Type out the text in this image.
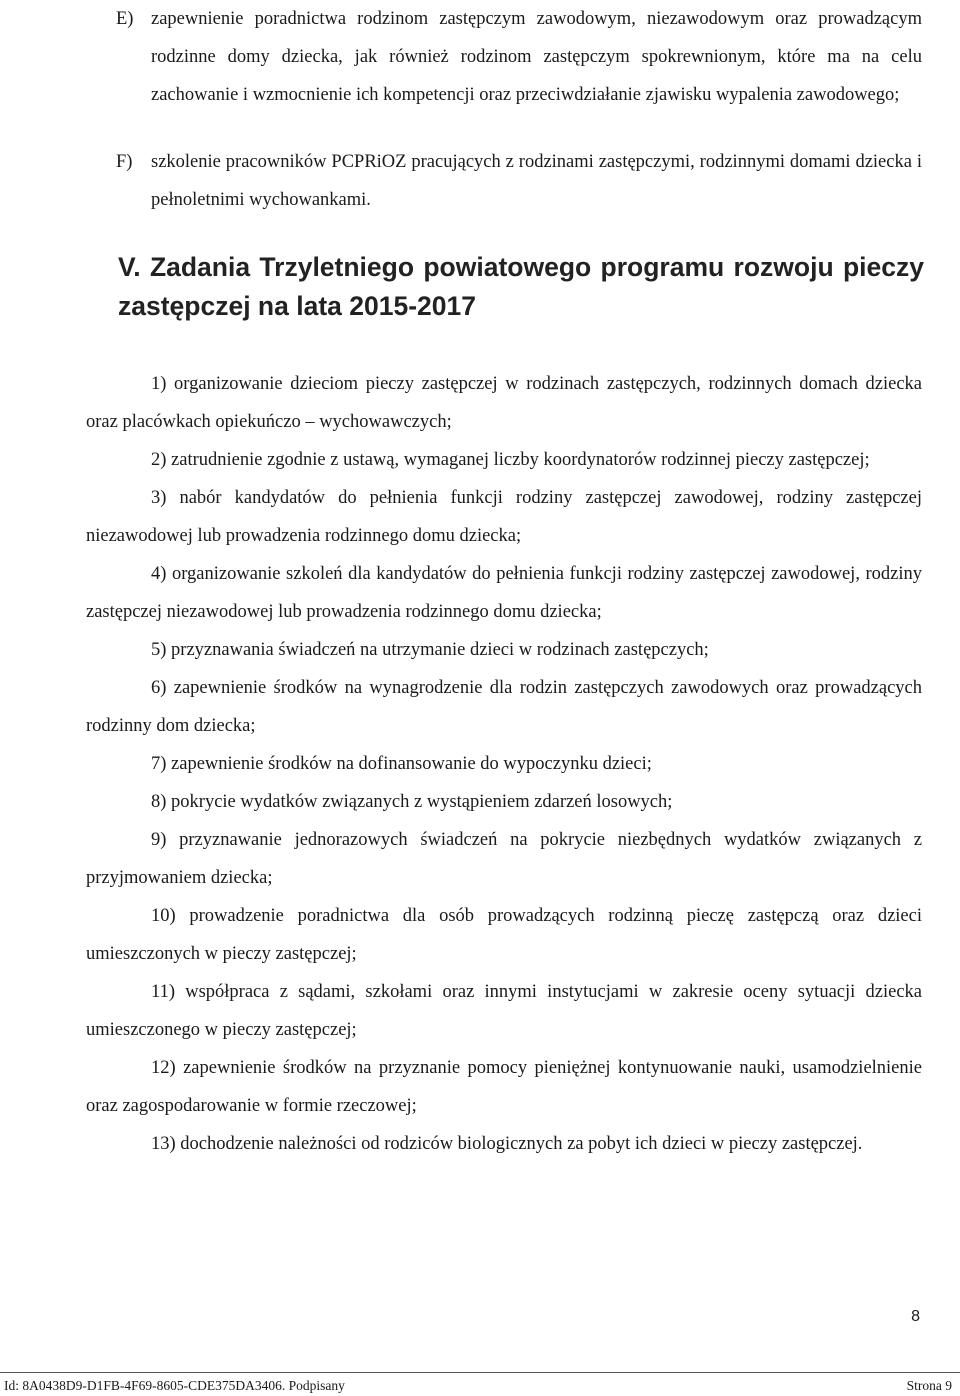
E) zapewnienie poradnictwa rodzinom zastępczym zawodowym, niezawodowym oraz prowadzącym rodzinne domy dziecka, jak również rodzinom zastępczym spokrewnionym, które ma na celu zachowanie i wzmocnienie ich kompetencji oraz przeciwdziałanie zjawisku wypalenia zawodowego;
F)	szkolenie pracowników PCPRiOZ pracujących z rodzinami zastępczymi, rodzinnymi domami dziecka i pełnoletnimi wychowankami.
V. Zadania Trzyletniego powiatowego programu rozwoju pieczy zastępczej na lata 2015-2017

1) organizowanie dzieciom pieczy zastępczej w rodzinach zastępczych, rodzinnych domach dziecka oraz placówkach opiekuńczo – wychowawczych;

2) zatrudnienie zgodnie z ustawą, wymaganej liczby koordynatorów rodzinnej pieczy zastępczej;

3) nabór kandydatów do pełnienia funkcji rodziny zastępczej zawodowej, rodziny zastępczej niezawodowej lub prowadzenia rodzinnego domu dziecka;

4) organizowanie szkoleń dla kandydatów do pełnienia funkcji rodziny zastępczej zawodowej, rodziny zastępczej niezawodowej lub prowadzenia rodzinnego domu dziecka;

5) przyznawania świadczeń na utrzymanie dzieci w rodzinach zastępczych;

6) zapewnienie środków na wynagrodzenie dla rodzin zastępczych zawodowych oraz prowadzących rodzinny dom dziecka;

7) zapewnienie środków na dofinansowanie do wypoczynku dzieci;

8) pokrycie wydatków związanych z wystąpieniem zdarzeń losowych;

9) przyznawanie jednorazowych świadczeń na pokrycie niezbędnych wydatków związanych z przyjmowaniem dziecka;

10) prowadzenie poradnictwa dla osób prowadzących rodzinną pieczę zastępczą oraz dzieci umieszczonych w pieczy zastępczej;

11) współpraca z sądami, szkołami oraz innymi instytucjami w zakresie oceny sytuacji dziecka umieszczonego w pieczy zastępczej;

12) zapewnienie środków na przyznanie pomocy pieniężnej kontynuowanie nauki, usamodzielnienie oraz zagospodarowanie w formie rzeczowej;

13) dochodzenie należności od rodziców biologicznych za pobyt ich dzieci w pieczy zastępczej.

8
Id: 8A0438D9-D1FB-4F69-8605-CDE375DA3406. Podpisany	Strona 9
